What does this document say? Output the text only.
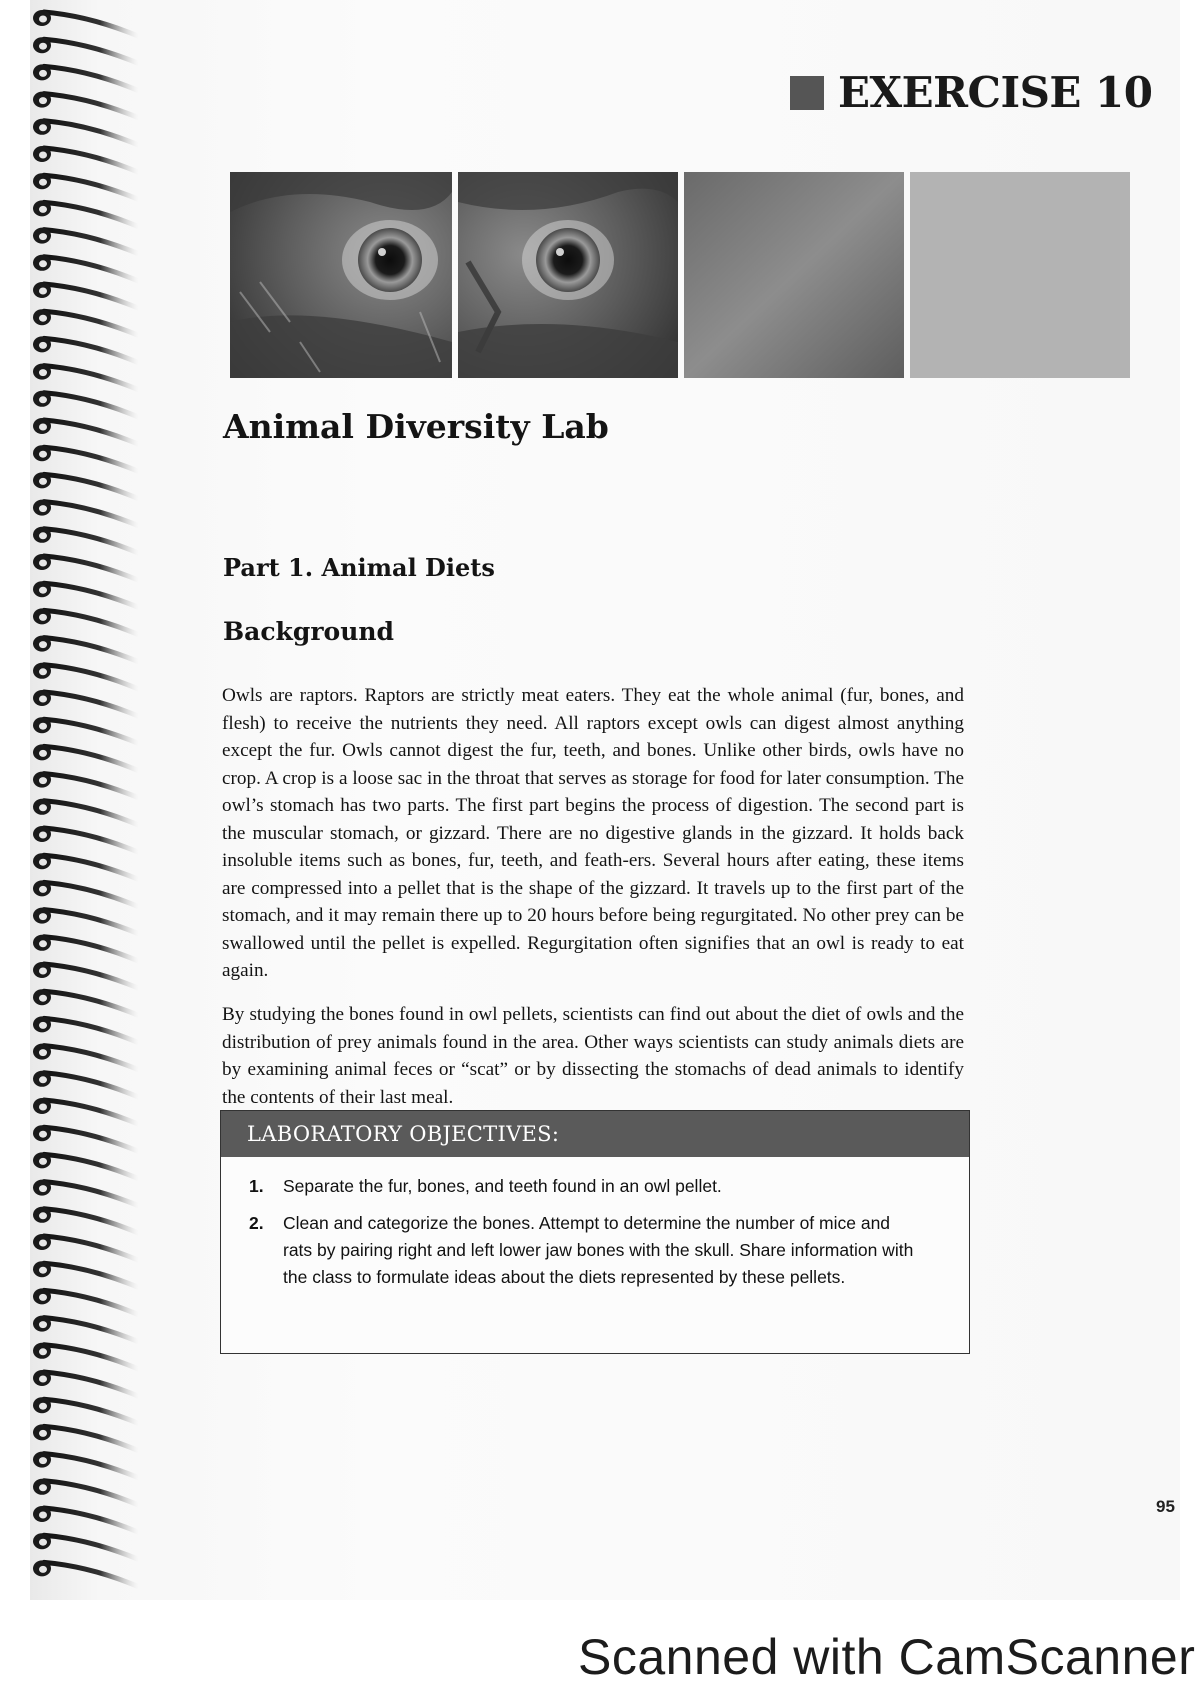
EXERCISE 10
Animal Diversity Lab
Part 1. Animal Diets
Background

Owls are raptors. Raptors are strictly meat eaters. They eat the whole animal (fur, bones, and flesh) to receive the nutrients they need. All raptors except owls can digest almost anything except the fur. Owls cannot digest the fur, teeth, and bones. Unlike other birds, owls have no crop. A crop is a loose sac in the throat that serves as storage for food for later consumption. The owl’s stomach has two parts. The first part begins the process of digestion. The second part is the muscular stomach, or gizzard. There are no digestive glands in the gizzard. It holds back insoluble items such as bones, fur, teeth, and feath-ers. Several hours after eating, these items are compressed into a pellet that is the shape of the gizzard. It travels up to the first part of the stomach, and it may remain there up to 20 hours before being regurgitated. No other prey can be swallowed until the pellet is expelled. Regurgitation often signifies that an owl is ready to eat again.

By studying the bones found in owl pellets, scientists can find out about the diet of owls and the distribution of prey animals found in the area. Other ways scientists can study animals diets are by examining animal feces or “scat” or by dissecting the stomachs of dead animals to identify the contents of their last meal.

LABORATORY OBJECTIVES:
1. Separate the fur, bones, and teeth found in an owl pellet.
2. Clean and categorize the bones. Attempt to determine the number of mice and rats by pairing right and left lower jaw bones with the skull. Share information with the class to formulate ideas about the diets represented by these pellets.
95
Scanned with CamScanner
